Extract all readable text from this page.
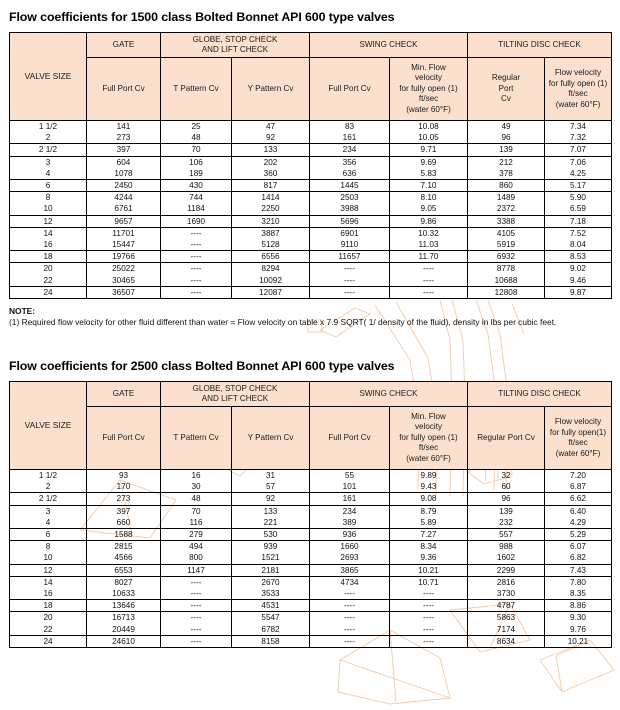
Flow coefficients for 1500 class Bolted Bonnet API 600 type valves
VALVE SIZE	GATE	GLOBE, STOP CHECK
AND LIFT CHECK		SWING CHECK		TILTING DISC CHECK	
	Full Port Cv	T Pattern Cv	Y Pattern Cv	Full Port Cv	Min. Flow
velocity
for fully open (1)
ft/sec
(water 60°F)	Regular
Port
Cv	Flow velocity
for fully open (1)
ft/sec
(water 60°F)
1 1/2	141	25	47	83	10.08	49	7.34
2	273	48	92	161	10.05	96	7.32
2 1/2	397	70	133	234	9.71	139	7.07
3	604	106	202	356	9.69	212	7.06
4	1078	189	360	636	5.83	378	4.25
6	2450	430	817	1445	7.10	860	5.17
8	4244	744	1414	2503	8.10	1489	5.90
10	6761	1184	2250	3988	9.05	2372	6.59
12	9657	1690	3210	5696	9.86	3388	7.18
14	11701	----	3887	6901	10.32	4105	7.52
16	15447	----	5128	9110	11.03	5919	8.04
18	19766	----	6556	11657	11.70	6932	8.53
20	25022	----	8294	----	----	8778	9.02
22	30465	----	10092	----	----	10688	9.46
24	36507	----	12087	----	----	12808	9.87
NOTE:
(1) Required flow velocity for other fluid different than water = Flow velocity on table x 7.9 SQRT( 1/ density of the fluid), density in lbs per cubic feet.
Flow coefficients for 2500 class Bolted Bonnet API 600 type valves
VALVE SIZE	GATE	GLOBE, STOP CHECK
AND LIFT CHECK		SWING CHECK		TILTING DISC CHECK	
	Full Port Cv	T Pattern Cv	Y Pattern Cv	Full Port Cv	Min. Flow
velocity
for fully open (1)
ft/sec
(water 60°F)	Regular Port Cv	Flow velocity
for fully open(1)
ft/sec
(water 60°F)
1 1/2	93	16	31	55	9.89	32	7.20
2	170	30	57	101	9.43	60	6.87
2 1/2	273	48	92	161	9.08	96	6.62
3	397	70	133	234	8.79	139	6.40
4	660	116	221	389	5.89	232	4.29
6	1588	279	530	936	7.27	557	5.29
8	2815	494	939	1660	8.34	988	6.07
10	4566	800	1521	2693	9.36	1602	6.82
12	6553	1147	2181	3865	10.21	2299	7.43
14	8027	----	2670	4734	10.71	2816	7.80
16	10633	----	3533	----	----	3730	8.35
18	13646	----	4531	----	----	4787	8.86
20	16713	----	5547	----	----	5863	9.30
22	20449	----	6782	----	----	7174	9.76
24	24610	----	8158	----	----	8634	10.21
